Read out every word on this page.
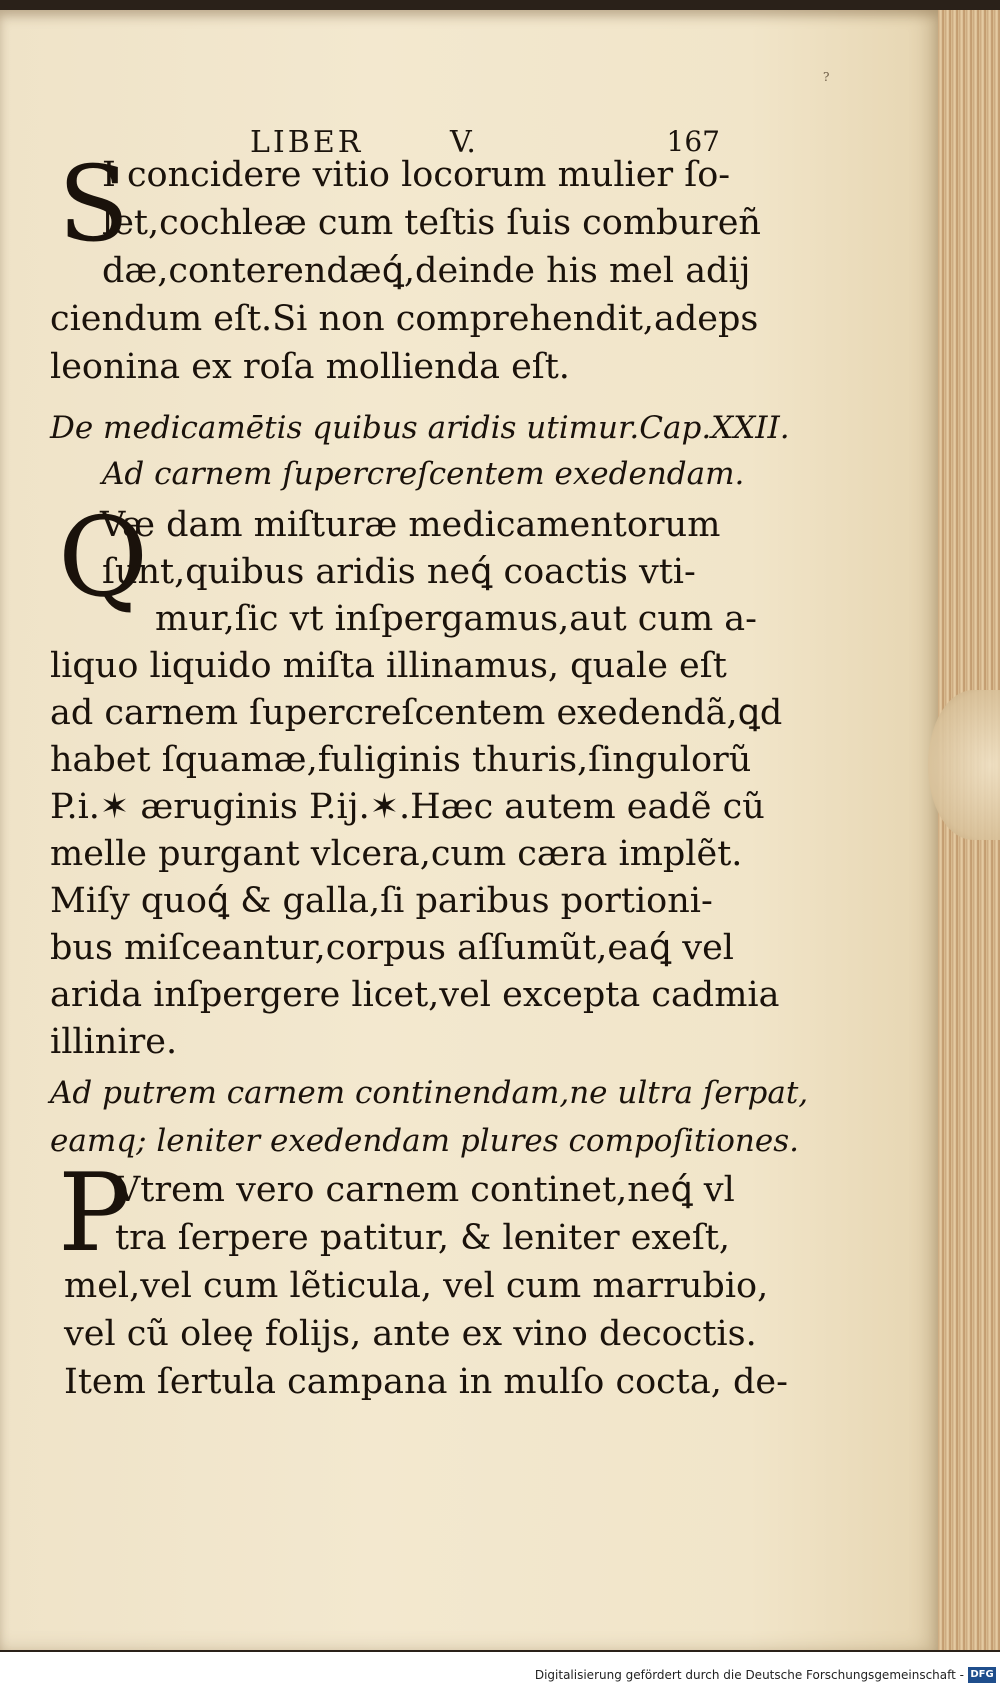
?
LIBER	V.	167
S
I concidere vitio locorum mulier ſo-
let,cochleæ cum teſtis ſuis combureñ
dæ,conterendæꝗ́,deinde his mel adij
ciendum eſt.Si non comprehendit,adeps
leonina ex roſa mollienda eſt.
De medicamētis quibus aridis utimur.Cap.XXII.
Ad carnem ſupercreſcentem exedendam.
Q
Væ dam miſturæ medicamentorum
ſunt,quibus aridis neꝗ́ coactis vti-
mur,ſic vt inſpergamus,aut cum a-
liquo liquido miſta illinamus, quale eſt
ad carnem ſupercreſcentem exedendã,ꝗd
habet ſquamæ,fuliginis thuris,ſingulorũ
P.i.✶ æruginis P.ij.✶.Hæc autem eadẽ cũ
melle purgant vlcera,cum cæra implẽt.
Miſy quoꝗ́ & galla,ſi paribus portioni-
bus miſceantur,corpus aſſumũt,eaꝗ́ vel
arida inſpergere licet,vel excepta cadmia
illinire.
Ad putrem carnem continendam,ne ultra ſerpat,
eamq; leniter exedendam plures compoſitiones.
P
Vtrem vero carnem continet,neꝗ́ vl
tra ſerpere patitur, & leniter exeſt,
mel,vel cum lẽticula, vel cum marrubio,
vel cũ oleę folijs, ante ex vino decoctis.
Item ſertula campana in mulſo cocta, de-
Digitalisierung gefördert durch die Deutsche Forschungsgemeinschaft - DFG
